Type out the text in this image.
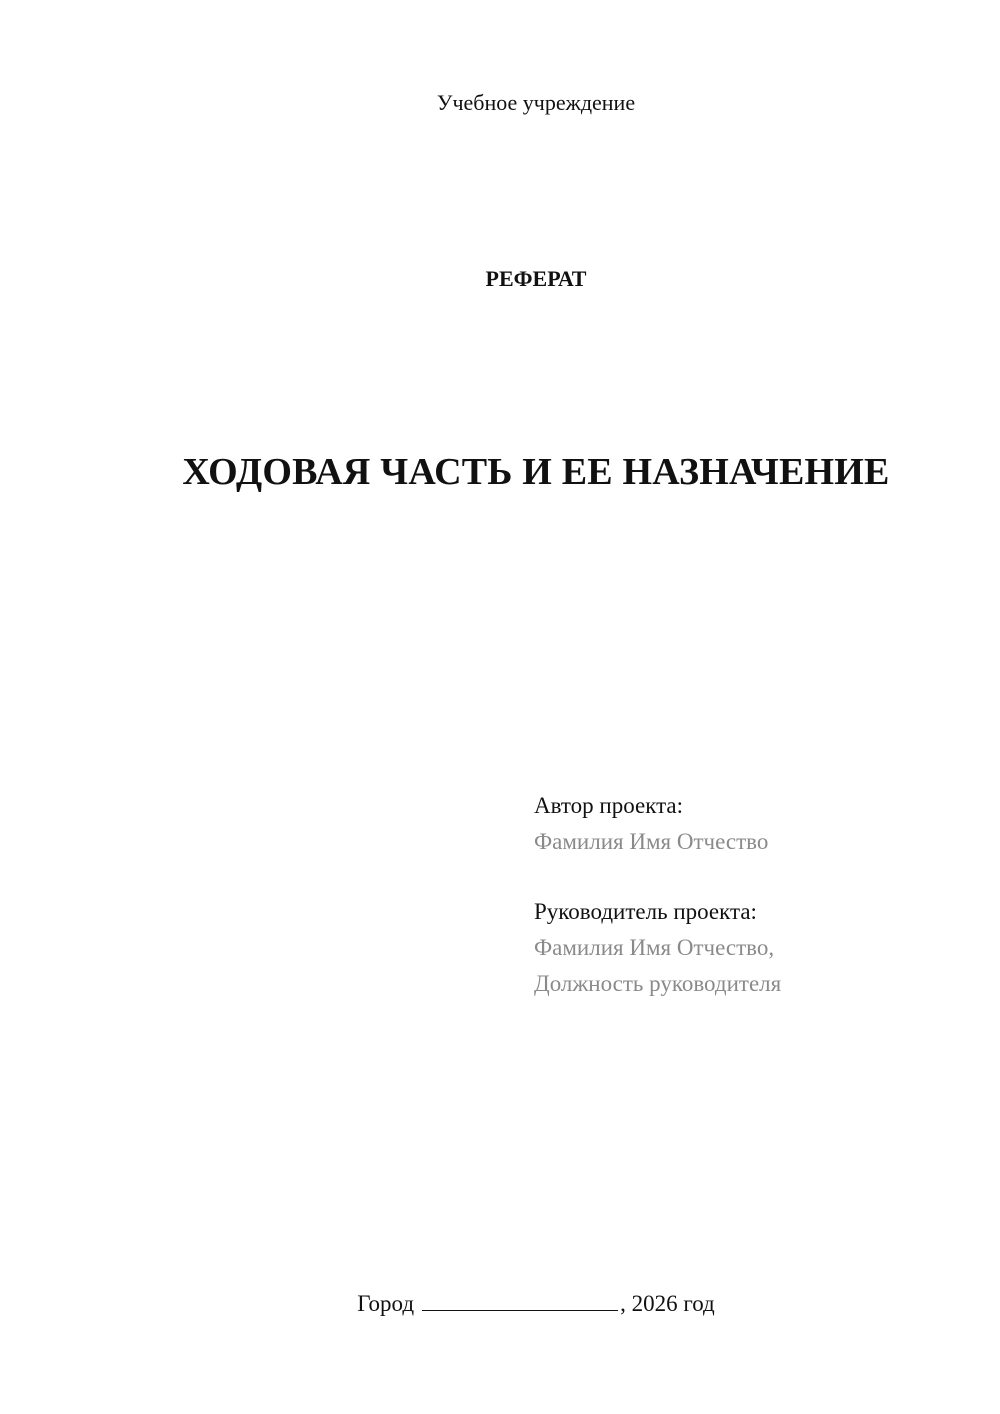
Учебное учреждение
РЕФЕРАТ
ХОДОВАЯ ЧАСТЬ И ЕЕ НАЗНАЧЕНИЕ
Автор проекта:
Фамилия Имя Отчество
Руководитель проекта:
Фамилия Имя Отчество,
Должность руководителя
Город	, 2026 год
